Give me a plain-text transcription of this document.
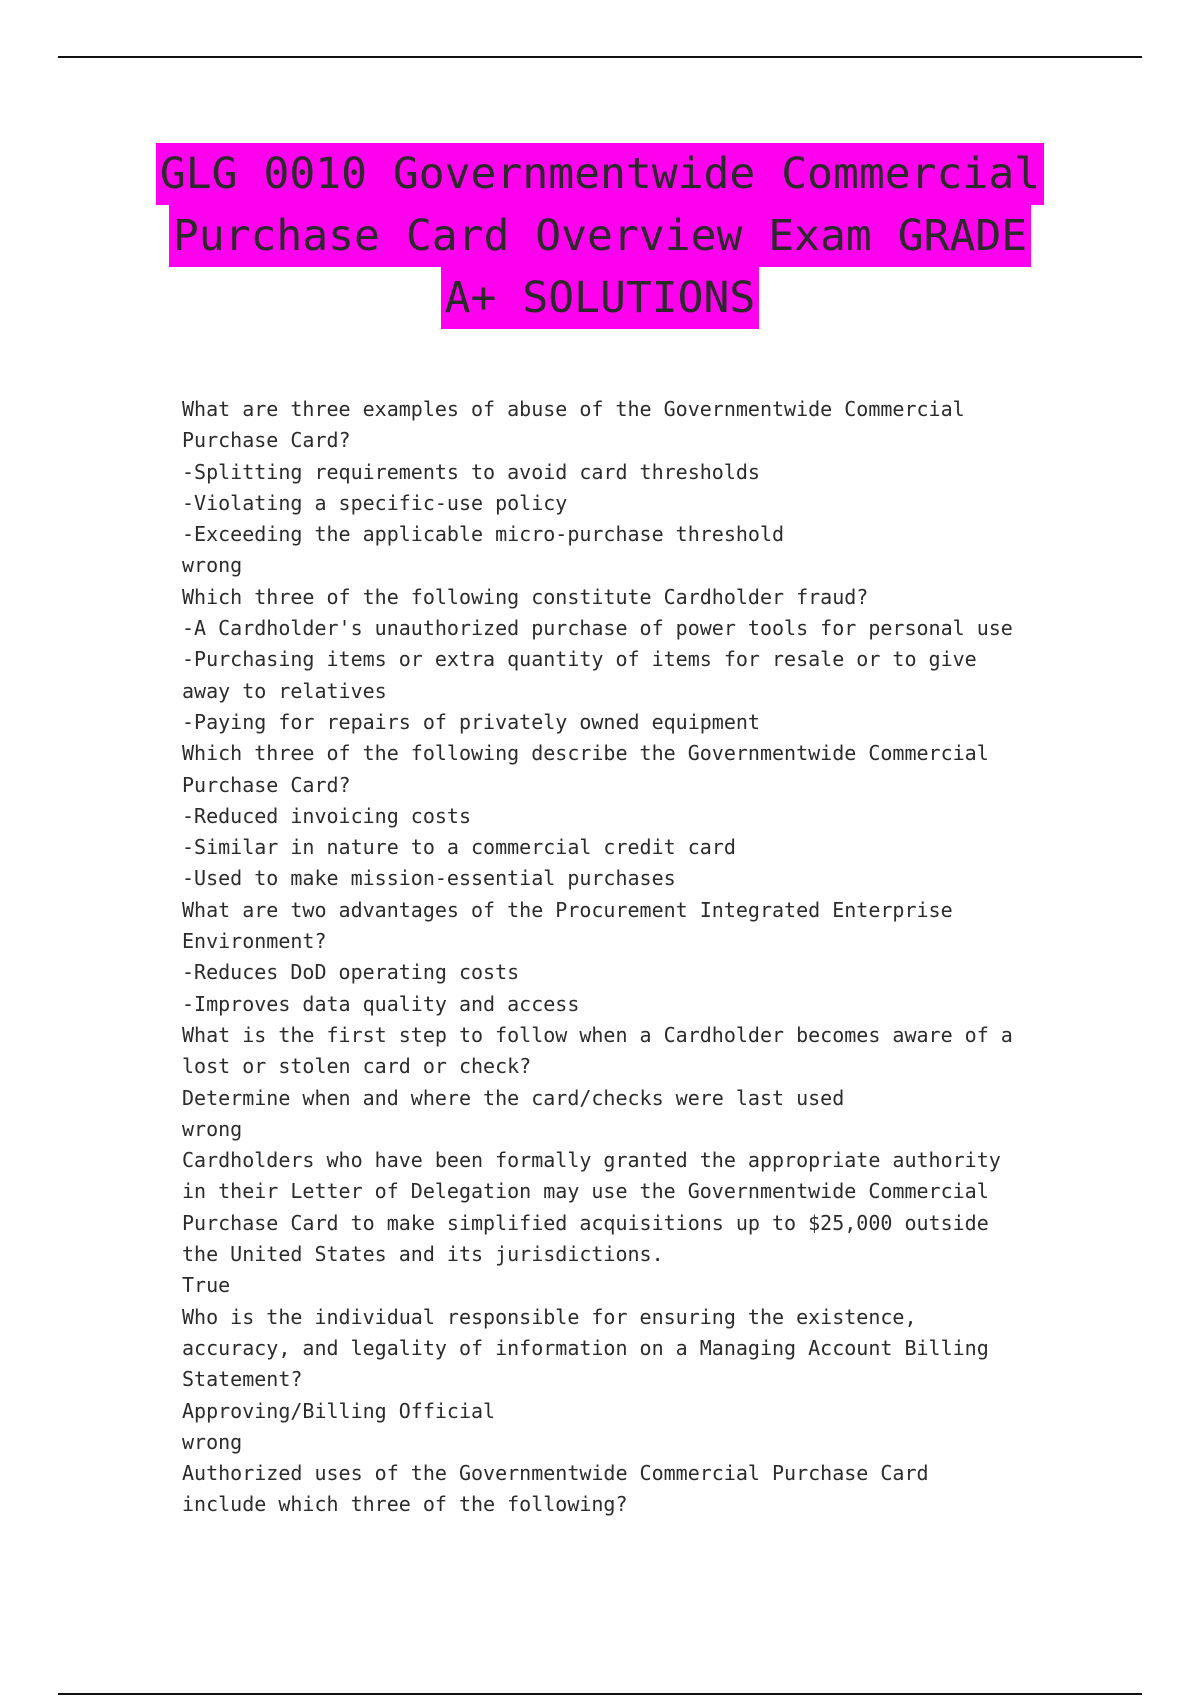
GLG 0010 Governmentwide Commercial
Purchase Card Overview Exam GRADE
A+ SOLUTIONS
What are three examples of abuse of the Governmentwide Commercial
Purchase Card?
-Splitting requirements to avoid card thresholds
-Violating a specific-use policy
-Exceeding the applicable micro-purchase threshold
wrong
Which three of the following constitute Cardholder fraud?
-A Cardholder's unauthorized purchase of power tools for personal use
-Purchasing items or extra quantity of items for resale or to give
away to relatives
-Paying for repairs of privately owned equipment
Which three of the following describe the Governmentwide Commercial
Purchase Card?
-Reduced invoicing costs
-Similar in nature to a commercial credit card
-Used to make mission-essential purchases
What are two advantages of the Procurement Integrated Enterprise
Environment?
-Reduces DoD operating costs
-Improves data quality and access
What is the first step to follow when a Cardholder becomes aware of a
lost or stolen card or check?
Determine when and where the card/checks were last used
wrong
Cardholders who have been formally granted the appropriate authority
in their Letter of Delegation may use the Governmentwide Commercial
Purchase Card to make simplified acquisitions up to $25,000 outside
the United States and its jurisdictions.
True
Who is the individual responsible for ensuring the existence,
accuracy, and legality of information on a Managing Account Billing
Statement?
Approving/Billing Official
wrong
Authorized uses of the Governmentwide Commercial Purchase Card
include which three of the following?
